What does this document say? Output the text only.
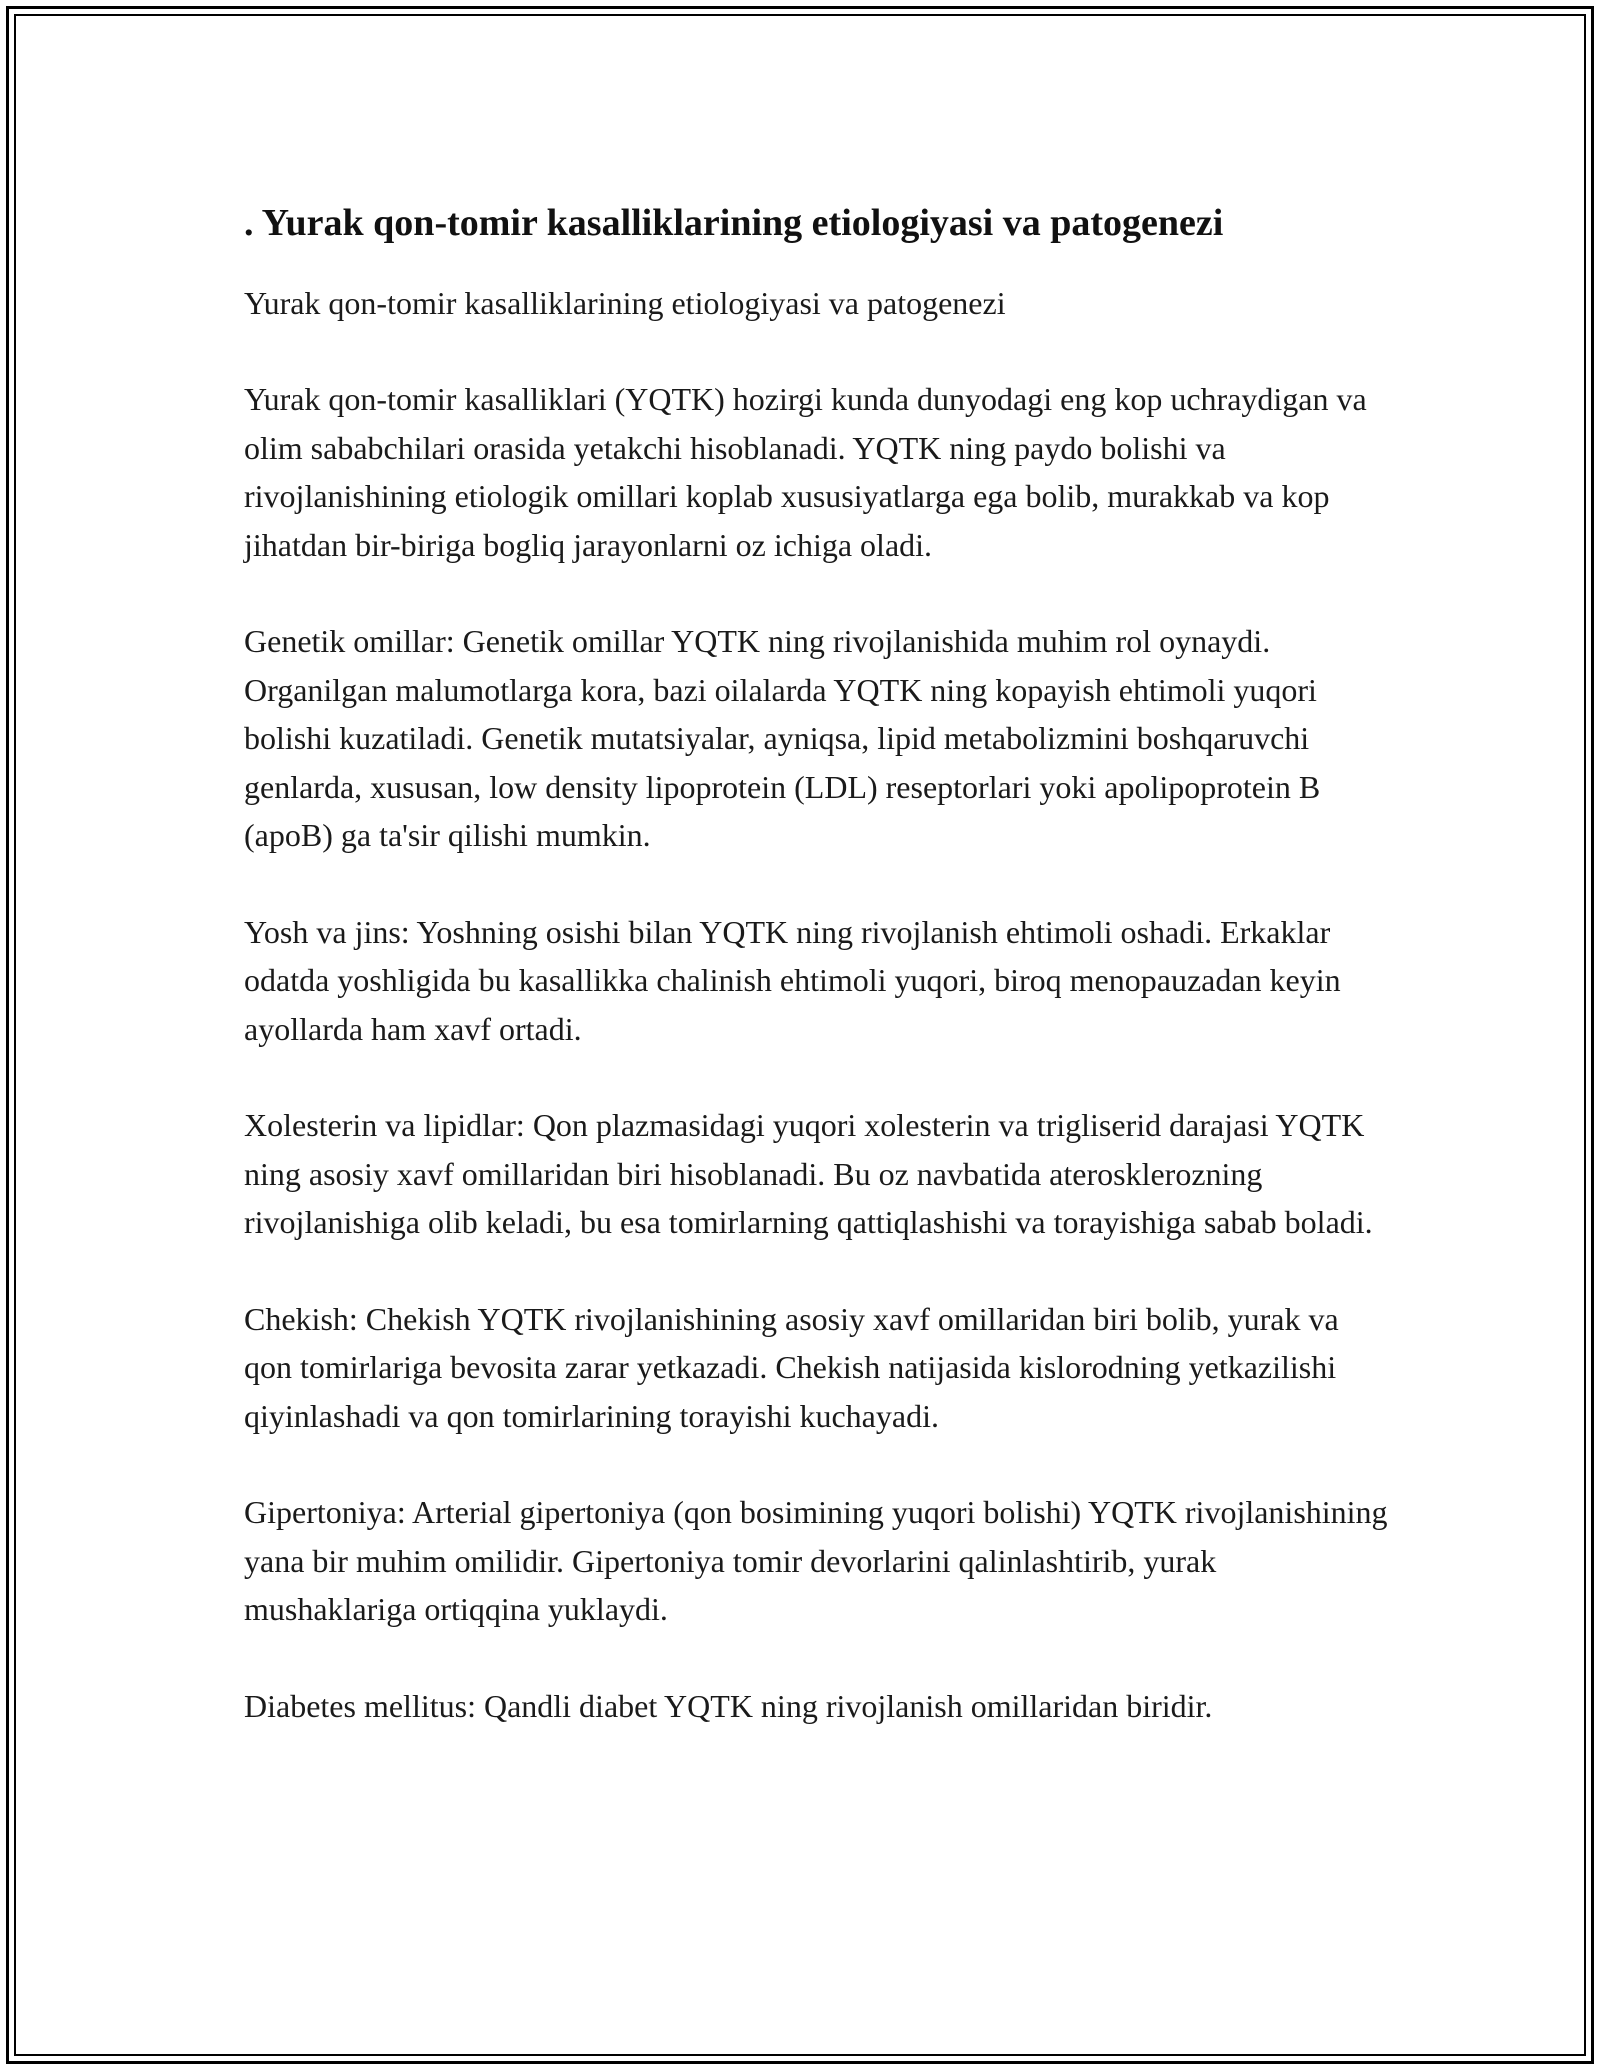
. Yurak qon-tomir kasalliklarining etiologiyasi va patogenezi

Yurak qon-tomir kasalliklarining etiologiyasi va patogenezi

Yurak qon-tomir kasalliklari (YQTK) hozirgi kunda dunyodagi eng kop uchraydigan va olim sababchilari orasida yetakchi hisoblanadi. YQTK ning paydo bolishi va rivojlanishining etiologik omillari koplab xususiyatlarga ega bolib, murakkab va kop jihatdan bir-biriga bogliq jarayonlarni oz ichiga oladi.

Genetik omillar: Genetik omillar YQTK ning rivojlanishida muhim rol oynaydi. Organilgan malumotlarga kora, bazi oilalarda YQTK ning kopayish ehtimoli yuqori bolishi kuzatiladi. Genetik mutatsiyalar, ayniqsa, lipid metabolizmini boshqaruvchi genlarda, xususan, low density lipoprotein (LDL) reseptorlari yoki apolipoprotein B (apoB) ga ta'sir qilishi mumkin.

Yosh va jins: Yoshning osishi bilan YQTK ning rivojlanish ehtimoli oshadi. Erkaklar odatda yoshligida bu kasallikka chalinish ehtimoli yuqori, biroq menopauzadan keyin ayollarda ham xavf ortadi.

Xolesterin va lipidlar: Qon plazmasidagi yuqori xolesterin va trigliserid darajasi YQTK ning asosiy xavf omillaridan biri hisoblanadi. Bu oz navbatida aterosklerozning rivojlanishiga olib keladi, bu esa tomirlarning qattiqlashishi va torayishiga sabab boladi.

Chekish: Chekish YQTK rivojlanishining asosiy xavf omillaridan biri bolib, yurak va qon tomirlariga bevosita zarar yetkazadi. Chekish natijasida kislorodning yetkazilishi qiyinlashadi va qon tomirlarining torayishi kuchayadi.

Gipertoniya: Arterial gipertoniya (qon bosimining yuqori bolishi) YQTK rivojlanishining yana bir muhim omilidir. Gipertoniya tomir devorlarini qalinlashtirib, yurak mushaklariga ortiqqina yuklaydi.

Diabetes mellitus: Qandli diabet YQTK ning rivojlanish omillaridan biridir.
